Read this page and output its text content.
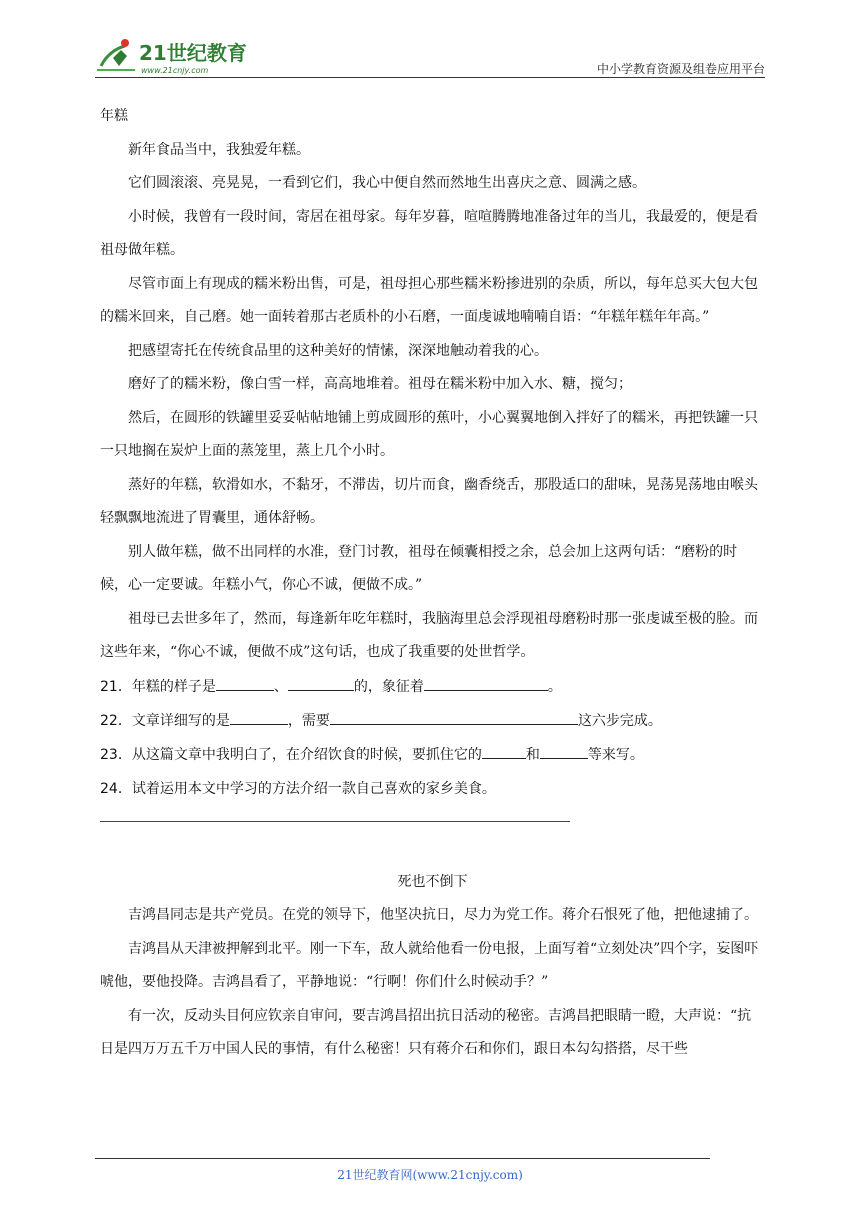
21世纪教育
www.21cnjy.com	中小学教育资源及组卷应用平台

年糕

新年食品当中，我独爱年糕。

它们圆滚滚、亮晃晃，一看到它们，我心中便自然而然地生出喜庆之意、圆满之感。

小时候，我曾有一段时间，寄居在祖母家。每年岁暮，喧喧腾腾地准备过年的当儿，我最爱的，便是看祖母做年糕。

尽管市面上有现成的糯米粉出售，可是，祖母担心那些糯米粉掺进别的杂质，所以，每年总买大包大包的糯米回来，自己磨。她一面转着那古老质朴的小石磨，一面虔诚地喃喃自语：“年糕年糕年年高。”

把感望寄托在传统食品里的这种美好的情愫，深深地触动着我的心。

磨好了的糯米粉，像白雪一样，高高地堆着。祖母在糯米粉中加入水、糖，搅匀；

然后，在圆形的铁罐里妥妥帖帖地铺上剪成圆形的蕉叶，小心翼翼地倒入拌好了的糯米，再把铁罐一只一只地搁在炭炉上面的蒸笼里，蒸上几个小时。

蒸好的年糕，软滑如水，不黏牙，不滞齿，切片而食，幽香绕舌，那股适口的甜味，晃荡晃荡地由喉头轻飘飘地流进了胃囊里，通体舒畅。

别人做年糕，做不出同样的水准，登门讨教，祖母在倾囊相授之余，总会加上这两句话：“磨粉的时候，心一定要诚。年糕小气，你心不诚，便做不成。”

祖母已去世多年了，然而，每逢新年吃年糕时，我脑海里总会浮现祖母磨粉时那一张虔诚至极的脸。而这些年来，“你心不诚，便做不成”这句话，也成了我重要的处世哲学。

21．年糕的样子是	、	的，象征着	。

22．文章详细写的是	，需要	这六步完成。

23．从这篇文章中我明白了，在介绍饮食的时候，要抓住它的	和	等来写。

24．试着运用本文中学习的方法介绍一款自己喜欢的家乡美食。

死也不倒下

吉鸿昌同志是共产党员。在党的领导下，他坚决抗日，尽力为党工作。蒋介石恨死了他，把他逮捕了。

吉鸿昌从天津被押解到北平。刚一下车，敌人就给他看一份电报，上面写着“立刻处决”四个字，妄图吓唬他，要他投降。吉鸿昌看了，平静地说：“行啊！你们什么时候动手？”

有一次，反动头目何应钦亲自审问，要吉鸿昌招出抗日活动的秘密。吉鸿昌把眼睛一瞪，大声说：“抗日是四万万五千万中国人民的事情，有什么秘密！只有蒋介石和你们，跟日本勾勾搭搭，尽干些

21世纪教育网(www.21cnjy.com)
